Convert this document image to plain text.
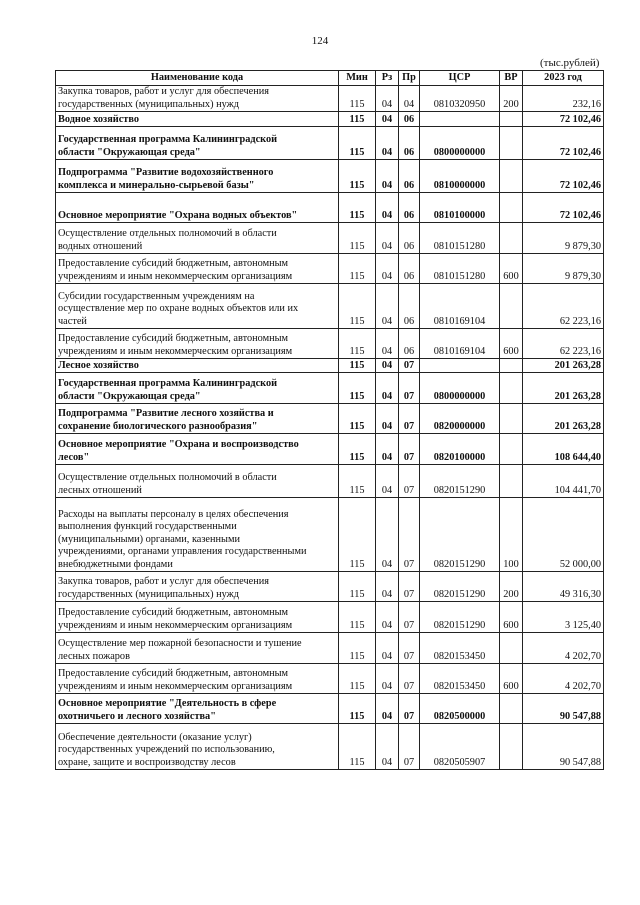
124
(тыс.рублей)
Наименование кода	Мин	Рз	Пр	ЦСР	ВР	2023 год
Закупка товаров, работ и услуг для обеспечения
государственных (муниципальных) нужд	115	04	04	0810320950	200	232,16
Водное хозяйство	115	04	06			72 102,46
Государственная программа Калининградской
области "Окружающая среда"	115	04	06	0800000000		72 102,46
Подпрограмма "Развитие водохозяйственного
комплекса и минерально-сырьевой базы"	115	04	06	0810000000		72 102,46
Основное мероприятие "Охрана водных объектов"	115	04	06	0810100000		72 102,46
Осуществление отдельных полномочий в области
водных отношений	115	04	06	0810151280		9 879,30
Предоставление субсидий бюджетным, автономным
учреждениям и иным некоммерческим организациям	115	04	06	0810151280	600	9 879,30
Субсидии государственным учреждениям на
осуществление мер по охране водных объектов или их
частей	115	04	06	0810169104		62 223,16
Предоставление субсидий бюджетным, автономным
учреждениям и иным некоммерческим организациям	115	04	06	0810169104	600	62 223,16
Лесное хозяйство	115	04	07			201 263,28
Государственная программа Калининградской
области "Окружающая среда"	115	04	07	0800000000		201 263,28
Подпрограмма "Развитие лесного хозяйства и
сохранение биологического разнообразия"	115	04	07	0820000000		201 263,28
Основное мероприятие "Охрана и воспроизводство
лесов"	115	04	07	0820100000		108 644,40
Осуществление отдельных полномочий в области
лесных отношений	115	04	07	0820151290		104 441,70
Расходы на выплаты персоналу в целях обеспечения
выполнения функций государственными
(муниципальными) органами, казенными
учреждениями, органами управления государственными
внебюджетными фондами	115	04	07	0820151290	100	52 000,00
Закупка товаров, работ и услуг для обеспечения
государственных (муниципальных) нужд	115	04	07	0820151290	200	49 316,30
Предоставление субсидий бюджетным, автономным
учреждениям и иным некоммерческим организациям	115	04	07	0820151290	600	3 125,40
Осуществление мер пожарной безопасности и тушение
лесных пожаров	115	04	07	0820153450		4 202,70
Предоставление субсидий бюджетным, автономным
учреждениям и иным некоммерческим организациям	115	04	07	0820153450	600	4 202,70
Основное мероприятие "Деятельность в сфере
охотничьего и лесного хозяйства"	115	04	07	0820500000		90 547,88
Обеспечение деятельности (оказание услуг)
государственных учреждений по использованию,
охране, защите и воспроизводству лесов	115	04	07	0820505907		90 547,88
